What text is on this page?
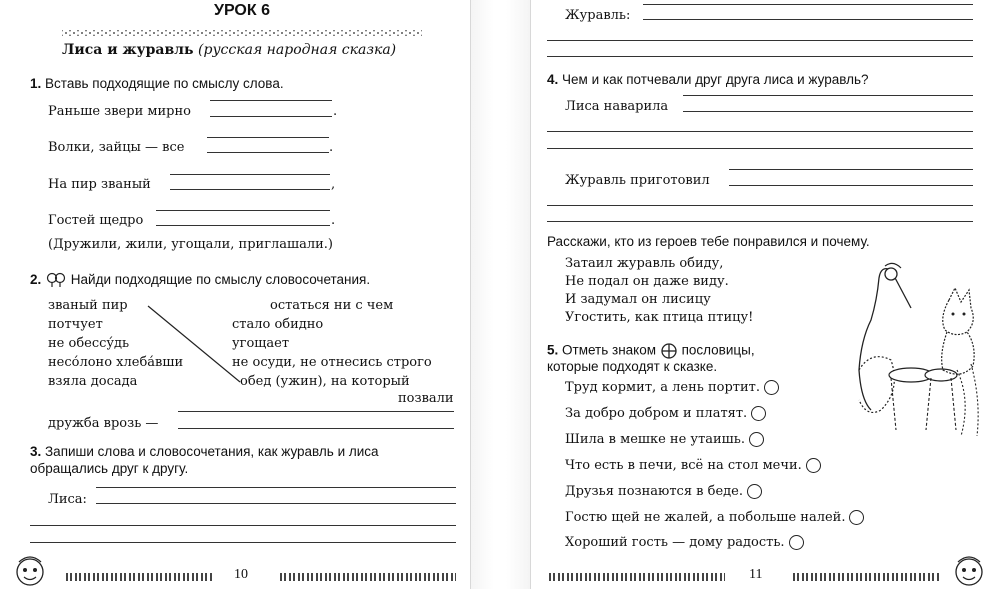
УРОК 6
Лиса и журавль (русская народная сказка)
1. Вставь подходящие по смыслу слова.
Раньше звери мирно	.
Волки, зайцы — все	.
На пир званый	,
Гостей щедро	.
(Дружили, жили, угощали, приглашали.)
2. Найди подходящие по смыслу словосочетания.
званый пир
потчует
не обессу́дь
несо́лоно хлеба́вши
взяла досада
остаться ни с чем
стало обидно
угощает
не осуди, не отнесись строго
обед (ужин), на который
позвали
дружба врозь —
3. Запиши слова и словосочетания, как журавль и лиса
обращались друг к другу.
Лиса:
10
Журавль:
4. Чем и как потчевали друг друга лиса и журавль?
Лиса наварила
Журавль приготовил
Расскажи, кто из героев тебе понравился и почему.
Затаил журавль обиду,
Не подал он даже виду.
И задумал он лисицу
Угостить, как птица птицу!
5. Отметь знаком пословицы,
которые подходят к сказке.
Труд кормит, а лень портит.
За добро добром и платят.
Шила в мешке не утаишь.
Что есть в печи, всё на стол мечи.
Друзья познаются в беде.
Гостю щей не жалей, а побольше налей.
Хороший гость — дому радость.
11
